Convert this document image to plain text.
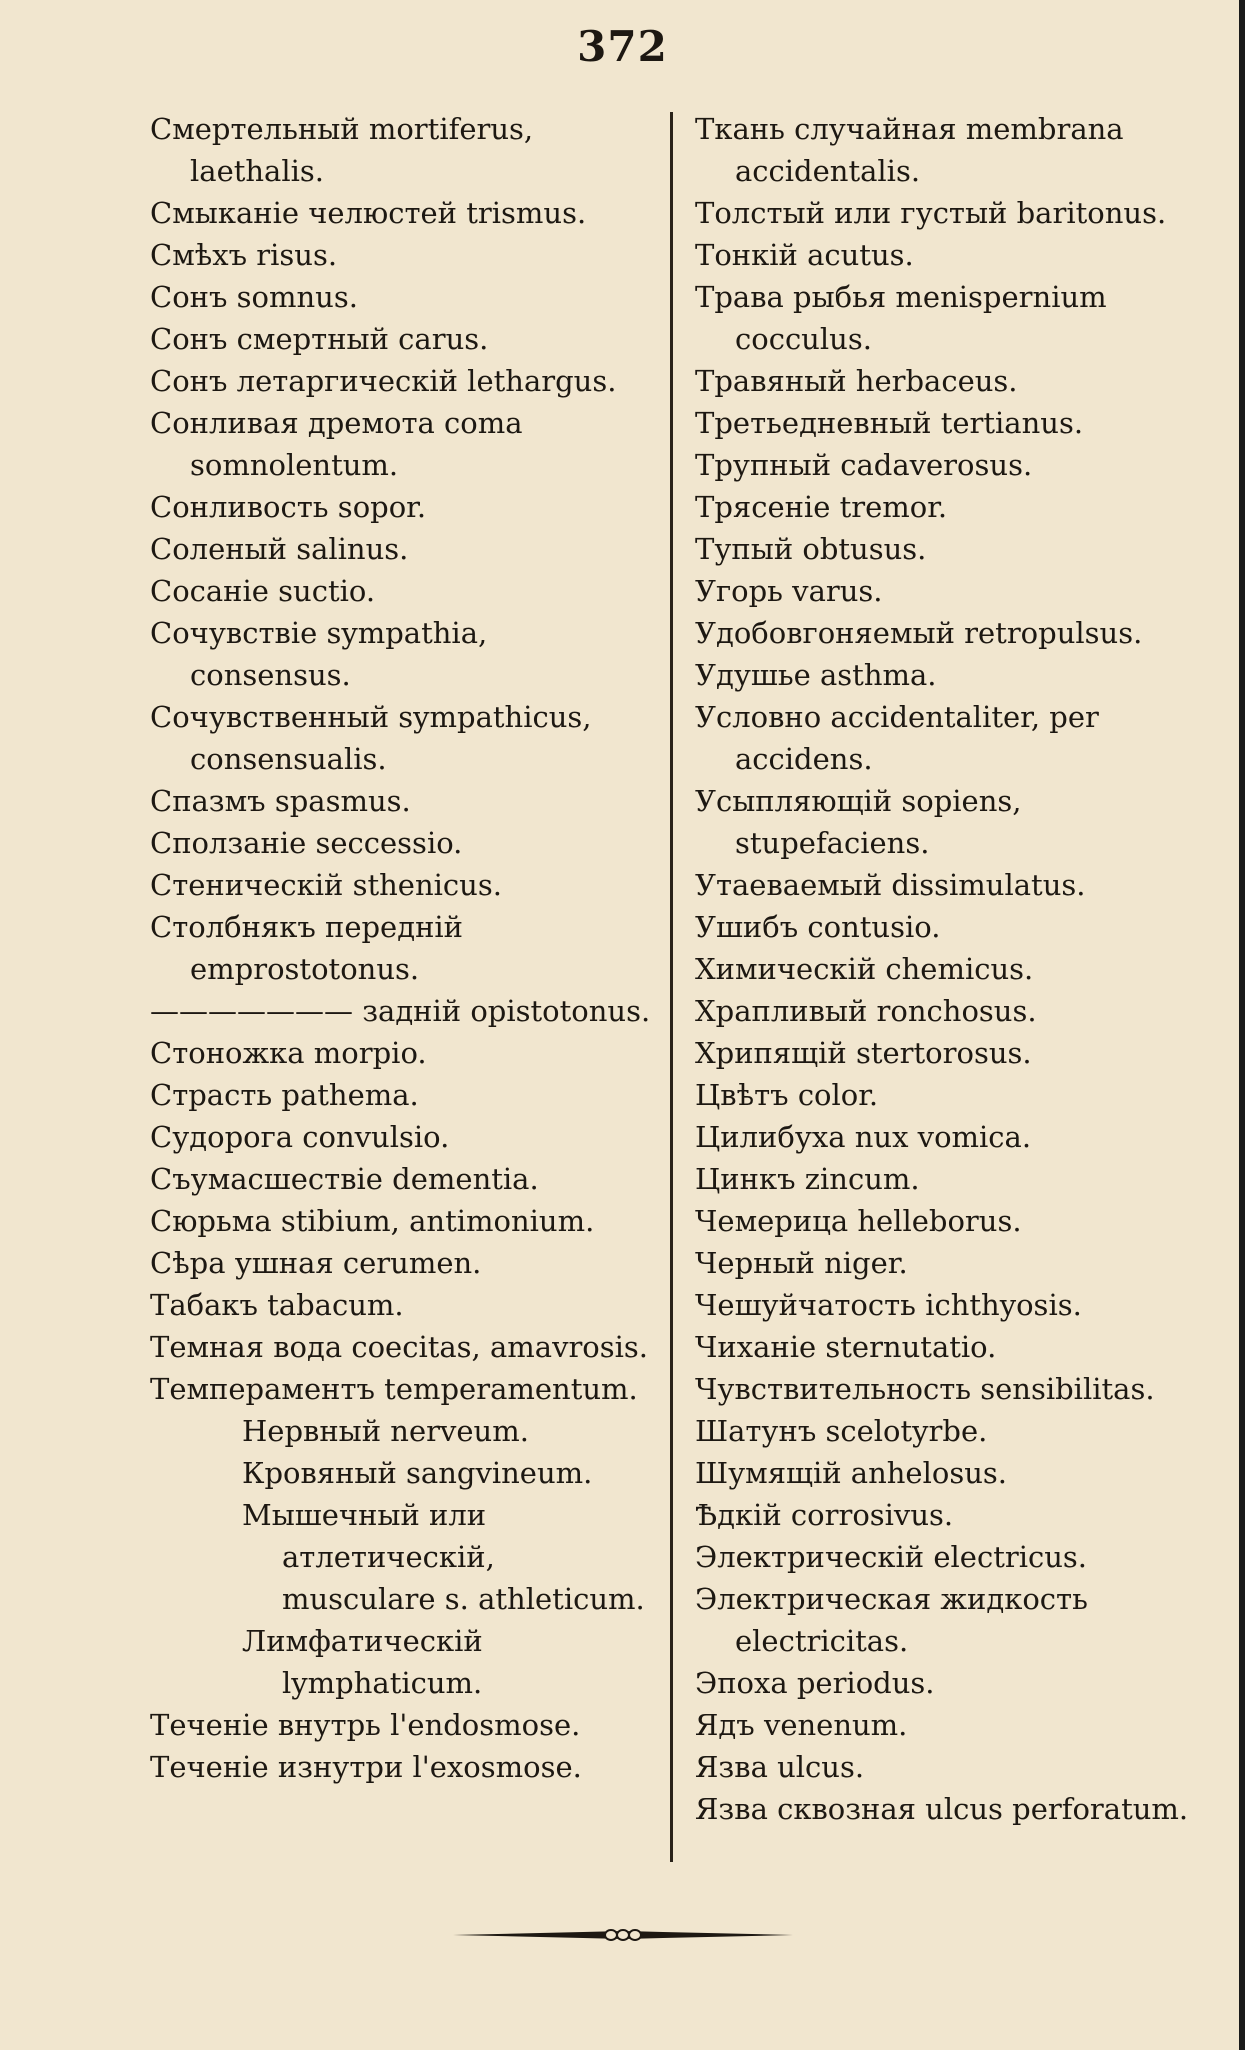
372
Смертельный mortiferus, laethalis.
Смыканіе челюстей trismus.
Смѣхъ risus.
Сонъ somnus.
Сонъ смертный carus.
Сонъ летаргическій lethargus.
Сонливая дремота coma somnolentum.
Сонливость sopor.
Соленый salinus.
Сосаніе suctio.
Сочувствіе sympathia, consensus.
Сочувственный sympathicus, consensualis.
Спазмъ spasmus.
Сползаніе seccessio.
Стеническій sthenicus.
Столбнякъ передній emprostotonus.
——————— задній opistotonus.
Стоножка morpio.
Страсть pathema.
Судорога convulsio.
Съумасшествіе dementia.
Сюрьма stibium, antimonium.
Сѣра ушная cerumen.
Табакъ tabacum.
Темная вода coecitas, amavrosis.
Темпераментъ temperamentum.
Нервный nerveum.
Кровяный sangvineum.
Мышечный или атлетическій, musculare s. athleticum.
Лимфатическій lymphaticum.
Теченіе внутрь l'endosmose.
Теченіе изнутри l'exosmose.
Ткань случайная membrana accidentalis.
Толстый или густый baritonus.
Тонкій acutus.
Трава рыбья menispernium cocculus.
Травяный herbaceus.
Третьедневный tertianus.
Трупный cadaverosus.
Трясеніе tremor.
Тупый obtusus.
Угорь varus.
Удобовгоняемый retropulsus.
Удушье asthma.
Условно accidentaliter, per accidens.
Усыпляющій sopiens, stupefaciens.
Утаеваемый dissimulatus.
Ушибъ contusio.
Химическій chemicus.
Храпливый ronchosus.
Хрипящій stertorosus.
Цвѣтъ color.
Цилибуха nux vomica.
Цинкъ zincum.
Чемерица helleborus.
Черный niger.
Чешуйчатость ichthyosis.
Чиханіе sternutatio.
Чувствительность sensibilitas.
Шатунъ scelotyrbe.
Шумящій anhelosus.
Ѣдкій corrosivus.
Электрическій electricus.
Электрическая жидкость electricitas.
Эпоха periodus.
Ядъ venenum.
Язва ulcus.
Язва сквозная ulcus perforatum.
